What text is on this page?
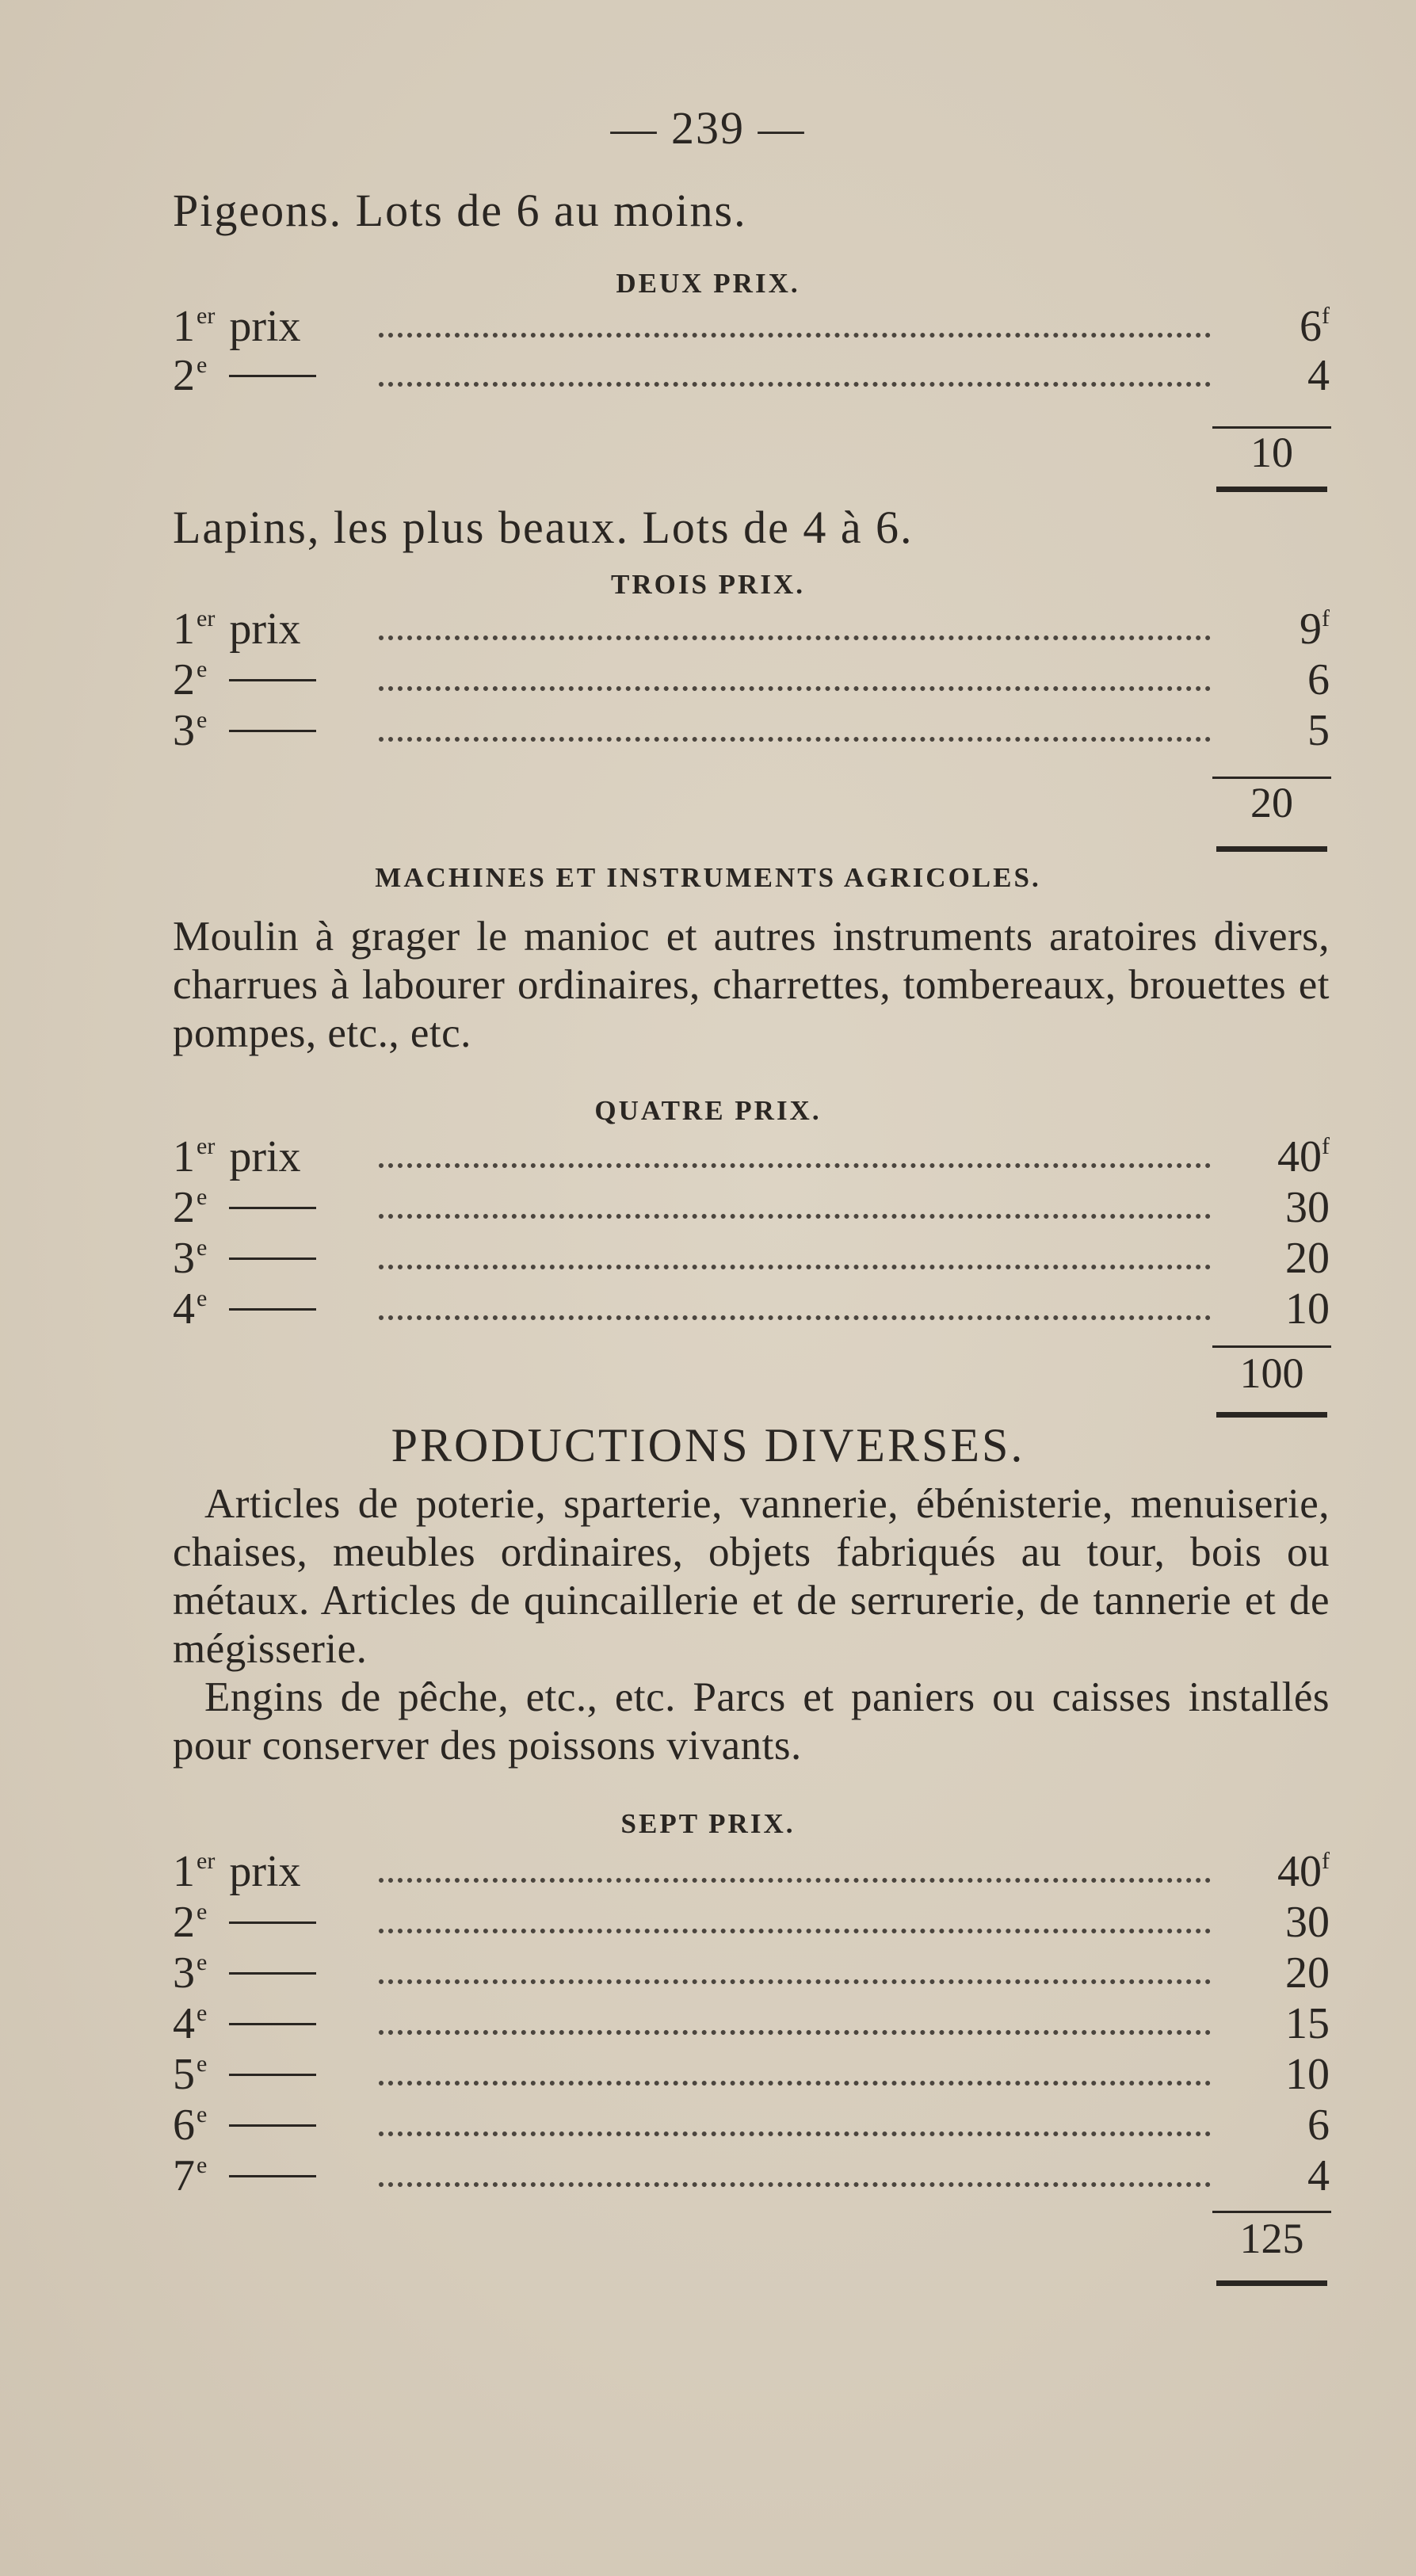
— 239 —
Pigeons. Lots de 6 au moins.
DEUX PRIX.
1er prix	6$^f$
2e	4
10
Lapins, les plus beaux. Lots de 4 à 6.
TROIS PRIX.
1er prix	9$^f$
2e	6
3e	5
20
MACHINES ET INSTRUMENTS AGRICOLES.
Moulin à grager le manioc et autres instruments aratoires divers, charrues à labourer ordinaires, charrettes, tombereaux, brouettes et pompes, etc., etc.
QUATRE PRIX.
1er prix	40$^f$
2e	30
3e	20
4e	10
100
PRODUCTIONS DIVERSES.
Articles de poterie, sparterie, vannerie, ébénisterie, menuiserie, chaises, meubles ordinaires, objets fabriqués au tour, bois ou métaux. Articles de quincaillerie et de serrurerie, de tannerie et de mégisserie.
Engins de pêche, etc., etc. Parcs et paniers ou caisses installés pour conserver des poissons vivants.
SEPT PRIX.
1er prix	40$^f$
2e	30
3e	20
4e	15
5e	10
6e	6
7e	4
125
